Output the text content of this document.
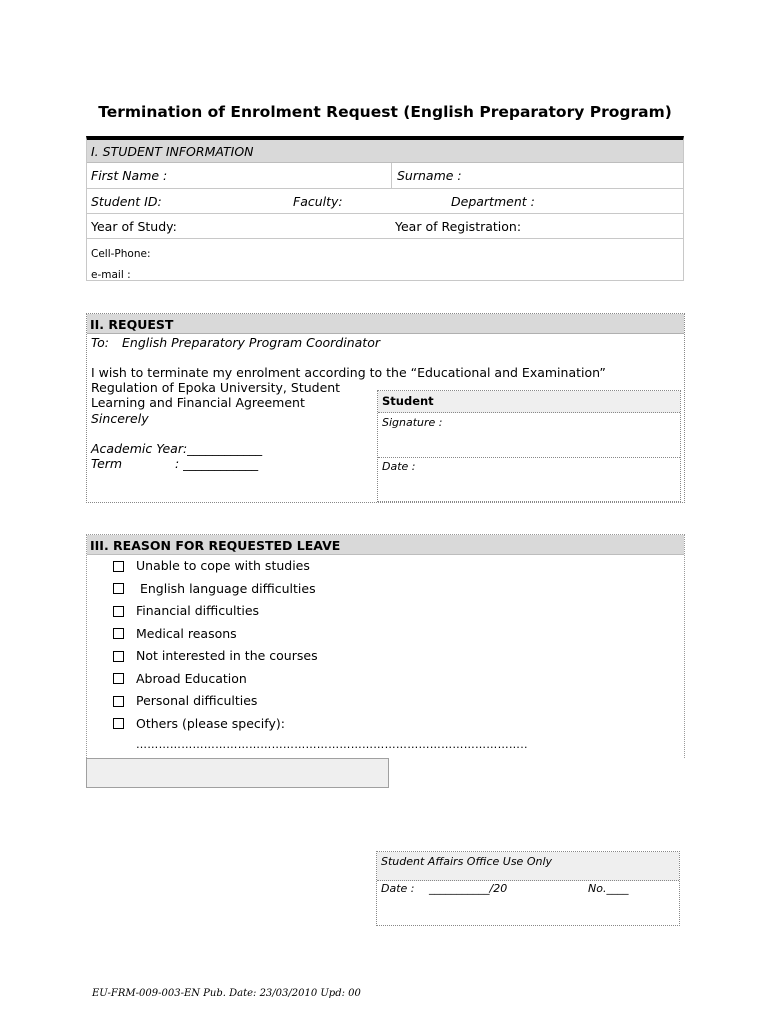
Termination of Enrolment Request (English Preparatory Program)
I. STUDENT INFORMATION
First Name :	Surname :
Student ID:	Faculty:	Department :
Year of Study:	Year of Registration:
Cell-Phone:
e-mail :
II. REQUEST
To: English Preparatory Program Coordinator
I wish to terminate my enrolment according to the “Educational and Examination”
Regulation of Epoka University, Student
Learning and Financial Agreement
Sincerely
Academic Year:____________
Term	: ____________
Student
Signature :
Date :
III. REASON FOR REQUESTED LEAVE
Unable to cope with studies
English language difficulties
Financial difficulties
Medical reasons
Not interested in the courses
Abroad Education
Personal difficulties
Others (please specify):
…………………………………………………………………………………………..
Student Affairs Office Use Only
Date : ___________/20	No.____
EU-FRM-009-003-EN Pub. Date: 23/03/2010 Upd: 00
